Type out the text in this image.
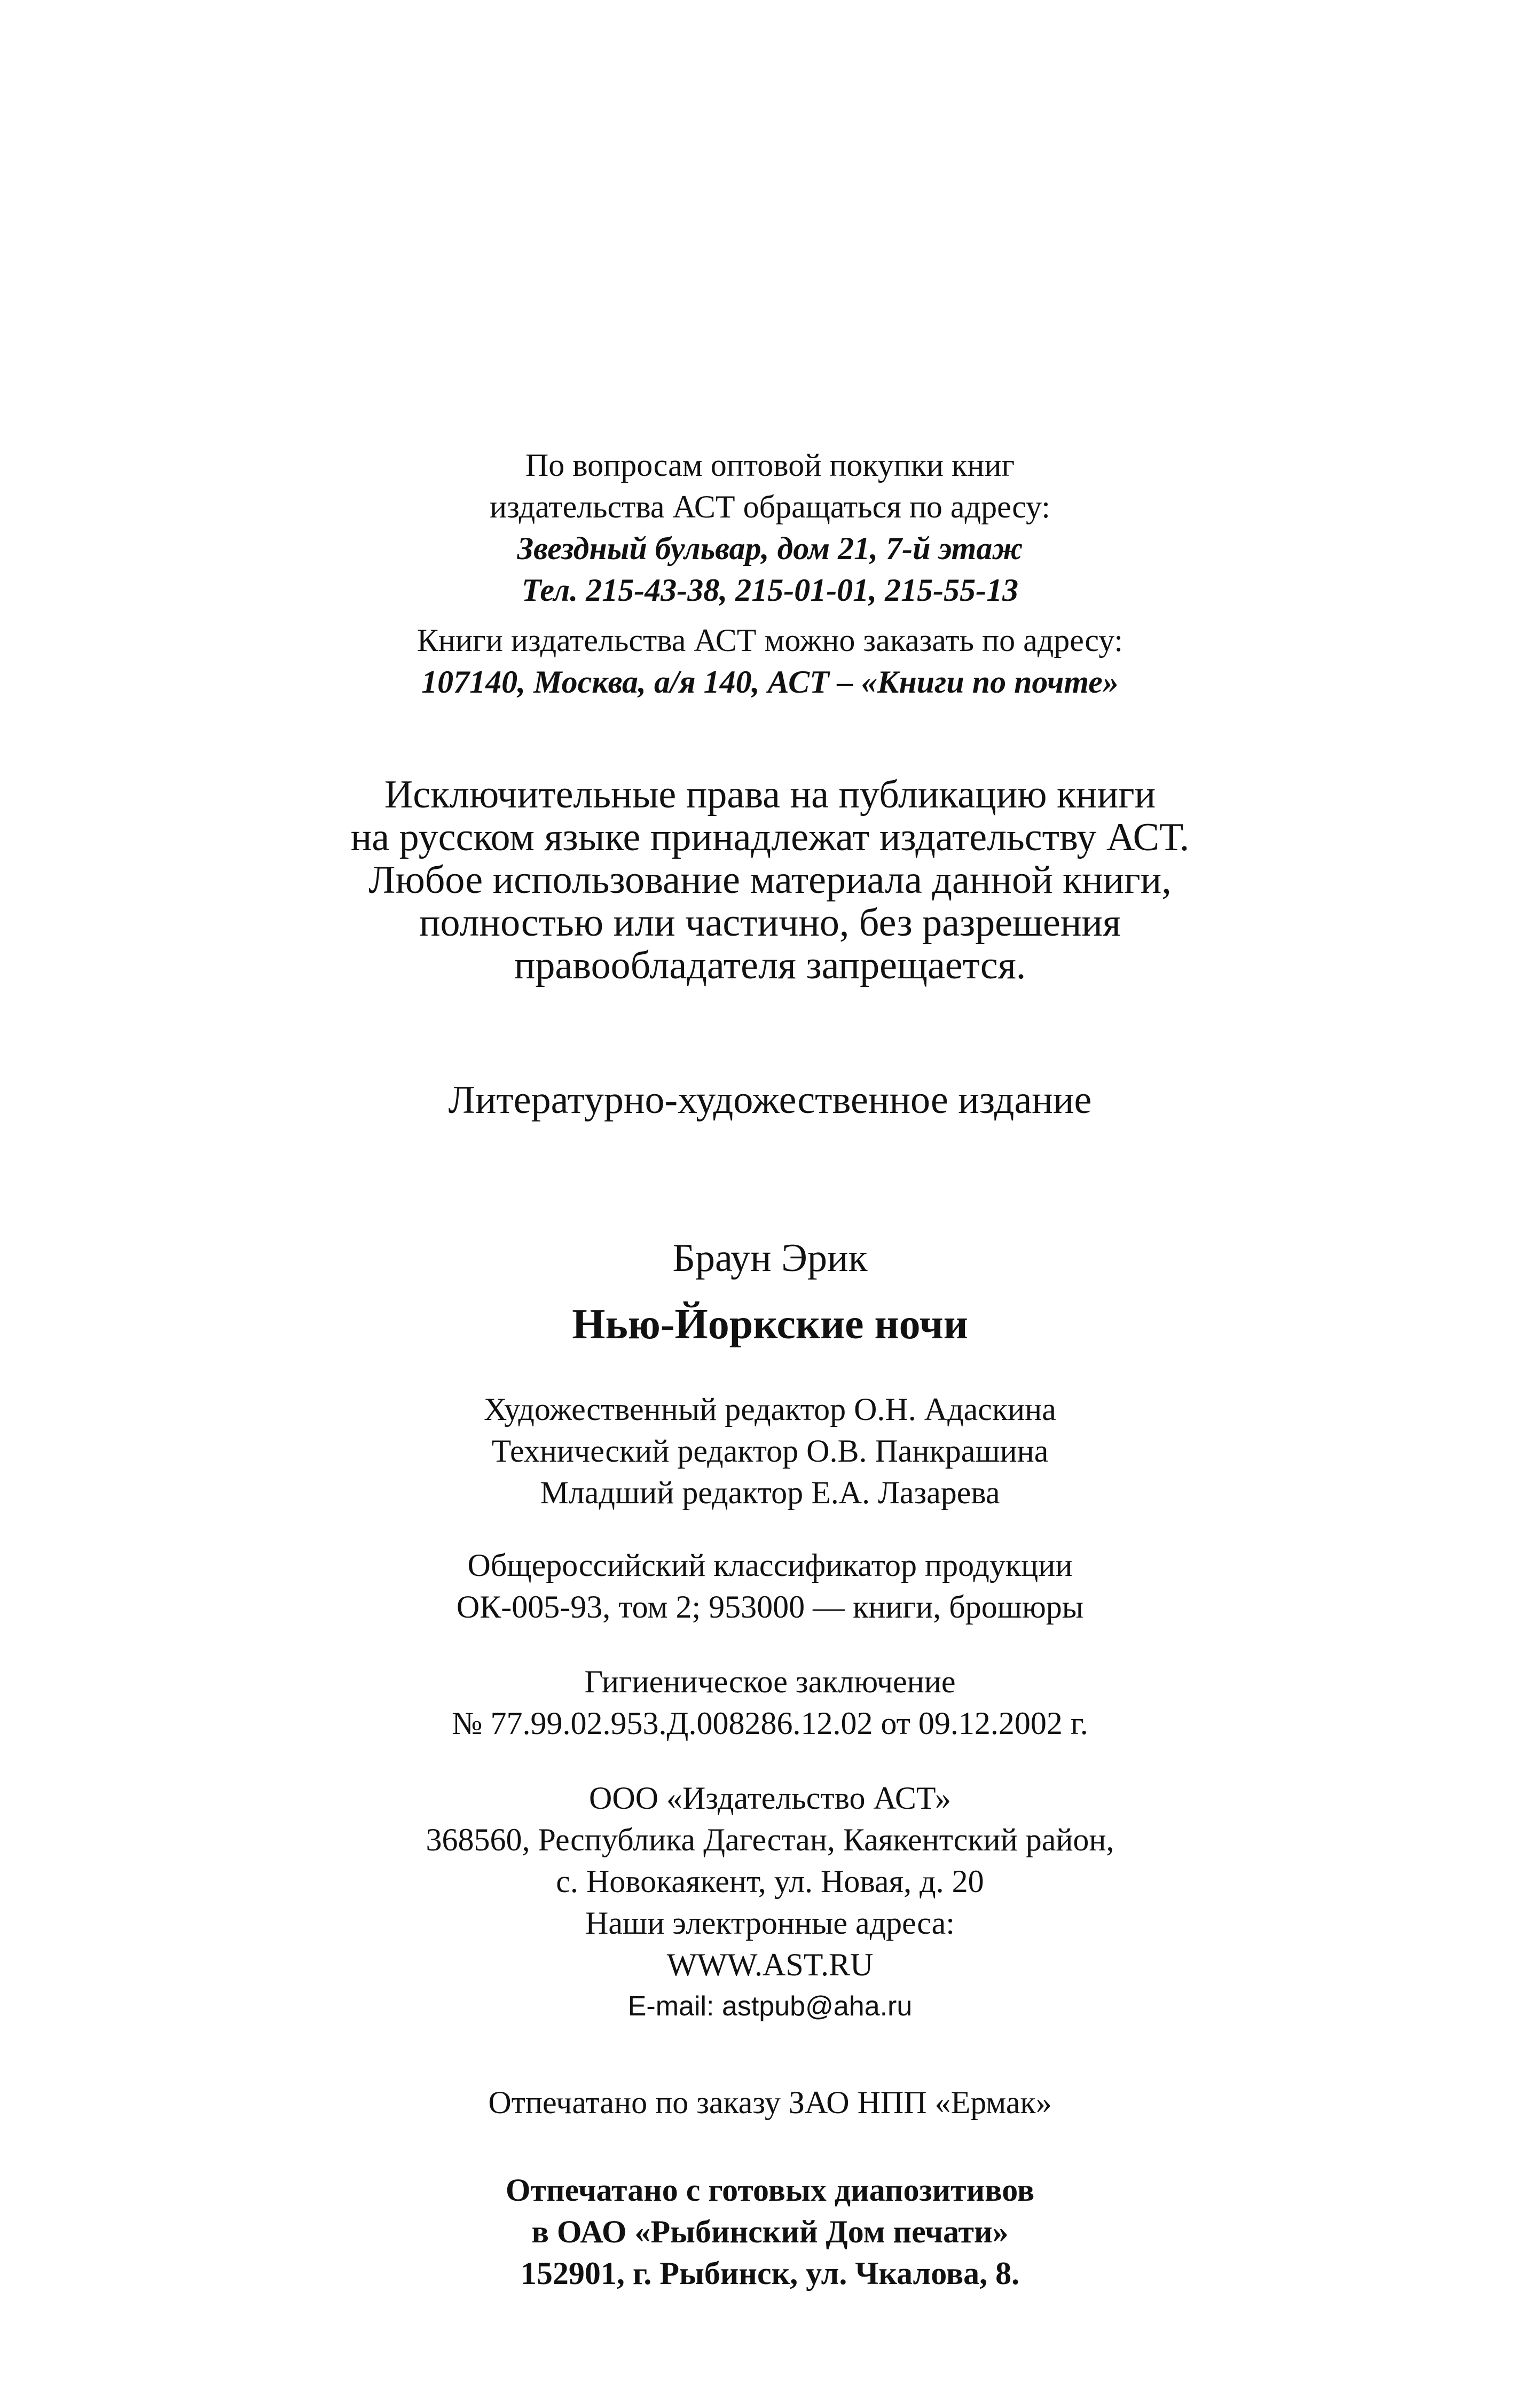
По вопросам оптовой покупки книг
издательства АСТ обращаться по адресу:
Звездный бульвар, дом 21, 7-й этаж
Тел. 215-43-38, 215-01-01, 215-55-13
Книги издательства АСТ можно заказать по адресу:
107140, Москва, а/я 140, АСТ – «Книги по почте»
Исключительные права на публикацию книги
на русском языке принадлежат издательству АСТ.
Любое использование материала данной книги,
полностью или частично, без разрешения
правообладателя запрещается.
Литературно-художественное издание
Браун Эрик
Нью-Йоркские ночи
Художественный редактор О.Н. Адаскина
Технический редактор О.В. Панкрашина
Младший редактор Е.А. Лазарева
Общероссийский классификатор продукции
ОК-005-93, том 2; 953000 — книги, брошюры
Гигиеническое заключение
№ 77.99.02.953.Д.008286.12.02 от 09.12.2002 г.
ООО «Издательство АСТ»
368560, Республика Дагестан, Каякентский район,
с. Новокаякент, ул. Новая, д. 20
Наши электронные адреса:
WWW.AST.RU
E-mail: astpub@aha.ru
Отпечатано по заказу ЗАО НПП «Ермак»
Отпечатано с готовых диапозитивов
в ОАО «Рыбинский Дом печати»
152901, г. Рыбинск, ул. Чкалова, 8.
